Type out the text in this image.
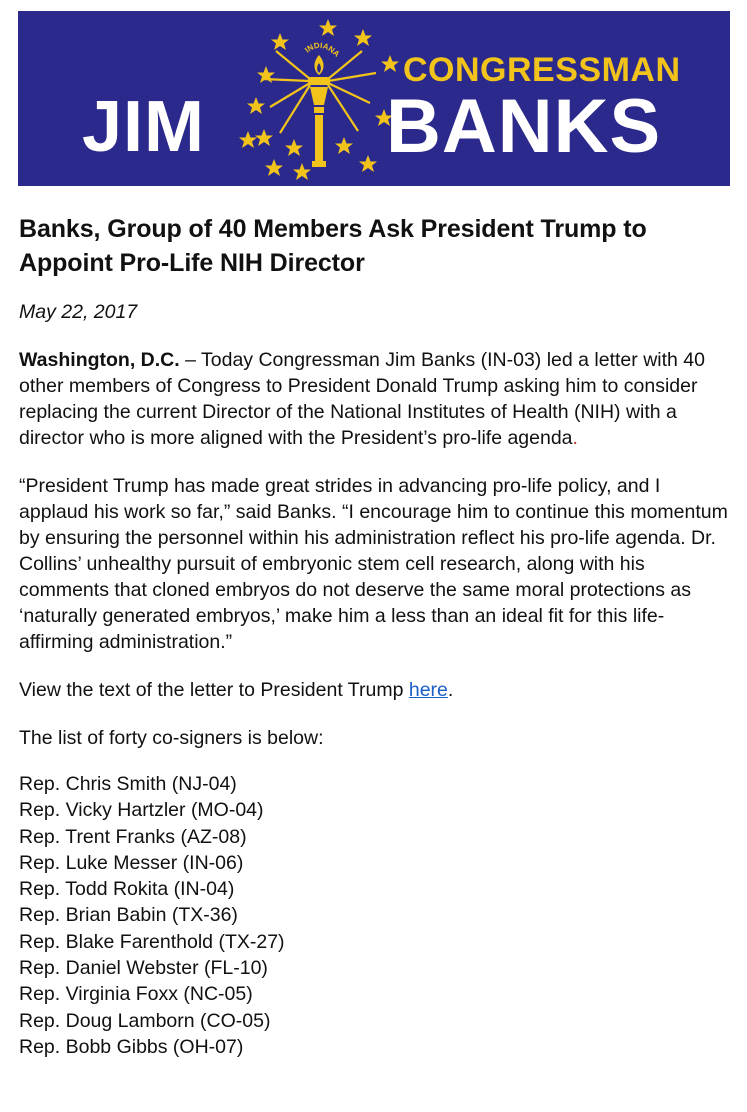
INDIANA CONGRESSMAN
JIM BANKS
Banks, Group of 40 Members Ask President Trump to Appoint Pro-Life NIH Director
May 22, 2017

Washington, D.C. – Today Congressman Jim Banks (IN-03) led a letter with 40 other members of Congress to President Donald Trump asking him to consider replacing the current Director of the National Institutes of Health (NIH) with a director who is more aligned with the President’s pro-life agenda.

“President Trump has made great strides in advancing pro-life policy, and I applaud his work so far,” said Banks. “I encourage him to continue this momentum by ensuring the personnel within his administration reflect his pro-life agenda. Dr. Collins’ unhealthy pursuit of embryonic stem cell research, along with his comments that cloned embryos do not deserve the same moral protections as ‘naturally generated embryos,’ make him a less than an ideal fit for this life-affirming administration.”

View the text of the letter to President Trump here.

The list of forty co-signers is below:

Rep. Chris Smith (NJ-04)
Rep. Vicky Hartzler (MO-04)
Rep. Trent Franks (AZ-08)
Rep. Luke Messer (IN-06)
Rep. Todd Rokita (IN-04)
Rep. Brian Babin (TX-36)
Rep. Blake Farenthold (TX-27)
Rep. Daniel Webster (FL-10)
Rep. Virginia Foxx (NC-05)
Rep. Doug Lamborn (CO-05)
Rep. Bobb Gibbs (OH-07)
